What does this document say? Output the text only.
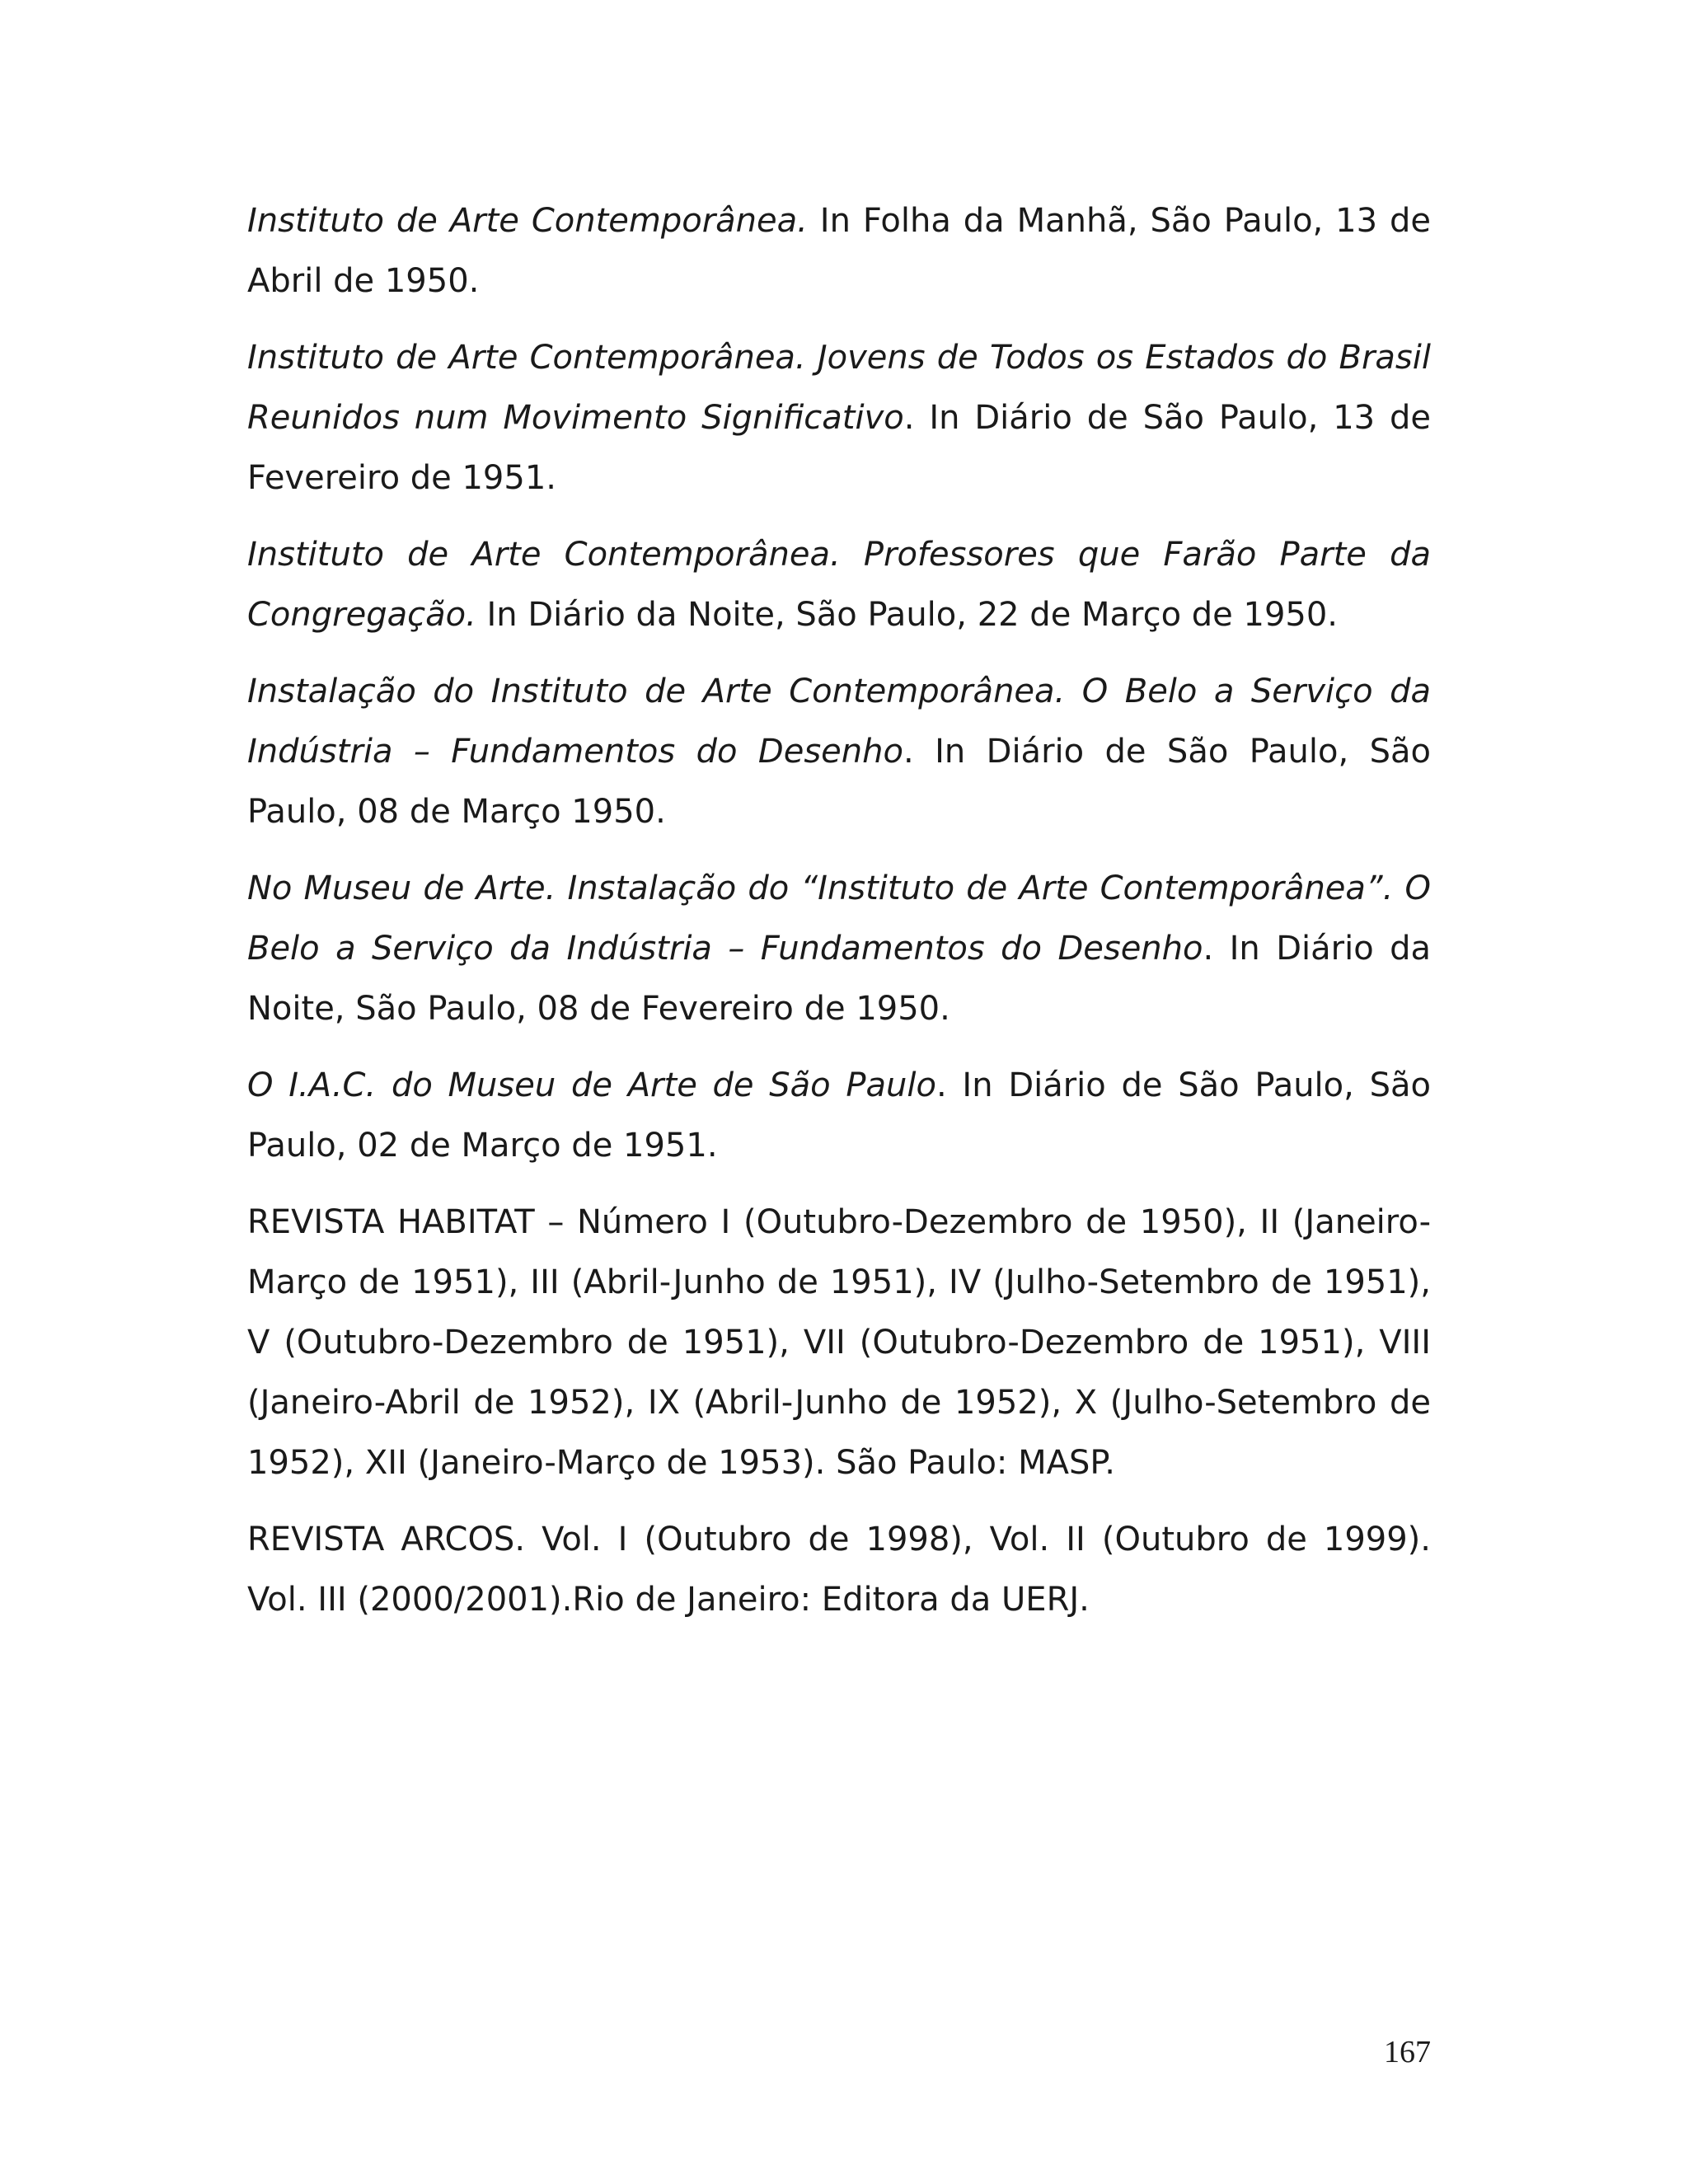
Instituto de Arte Contemporânea. In Folha da Manhã, São Paulo, 13 de Abril de 1950.

Instituto de Arte Contemporânea. Jovens de Todos os Estados do Brasil Reunidos num Movimento Significativo. In Diário de São Paulo, 13 de Fevereiro de 1951.

Instituto de Arte Contemporânea. Professores que Farão Parte da Congregação. In Diário da Noite, São Paulo, 22 de Março de 1950.

Instalação do Instituto de Arte Contemporânea. O Belo a Serviço da Indústria – Fundamentos do Desenho. In Diário de São Paulo, São Paulo, 08 de Março 1950.

No Museu de Arte. Instalação do “Instituto de Arte Contemporânea”. O Belo a Serviço da Indústria – Fundamentos do Desenho. In Diário da Noite, São Paulo, 08 de Fevereiro de 1950.

O I.A.C. do Museu de Arte de São Paulo. In Diário de São Paulo, São Paulo, 02 de Março de 1951.

REVISTA HABITAT – Número I (Outubro-Dezembro de 1950), II (Janeiro-Março de 1951), III (Abril-Junho de 1951), IV (Julho-Setembro de 1951), V (Outubro-Dezembro de 1951), VII (Outubro-Dezembro de 1951), VIII (Janeiro-Abril de 1952), IX (Abril-Junho de 1952), X (Julho-Setembro de 1952), XII (Janeiro-Março de 1953). São Paulo: MASP.

REVISTA ARCOS. Vol. I (Outubro de 1998), Vol. II (Outubro de 1999). Vol. III (2000/2001).Rio de Janeiro: Editora da UERJ.

167
